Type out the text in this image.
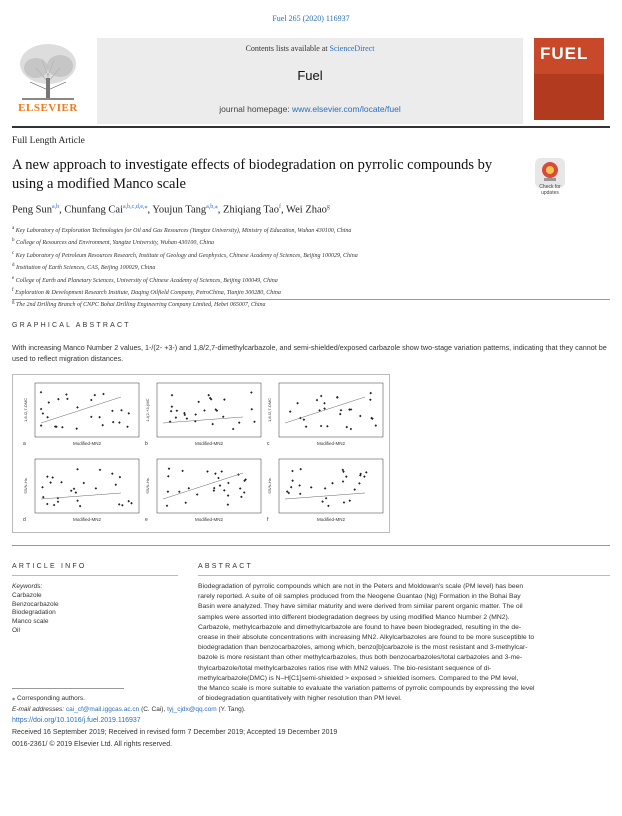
Fuel 265 (2020) 116937
ELSEVIER
Contents lists available at ScienceDirect
Fuel
journal homepage: www.elsevier.com/locate/fuel
FUEL
Full Length Article
A new approach to investigate effects of biodegradation on pyrrolic compounds by using a modified Manco scale	Check for updates
Peng Sun$^{a,b}$, Chunfang Cai$^{a,b,c,d,e,⁎}$, Youjun Tang$^{a,b,⁎}$, Zhiqiang Tao$^f$, Wei Zhao$^g$
$^a$ Key Laboratory of Exploration Technologies for Oil and Gas Resources (Yangtze University), Ministry of Education, Wuhan 430100, China
$^b$ College of Resources and Environment, Yangtze University, Wuhan 430100, China
$^c$ Key Laboratory of Petroleum Resources Research, Institute of Geology and Geophysics, Chinese Academy of Sciences, Beijing 100029, China
$^d$ Institution of Earth Sciences, CAS, Beijing 100029, China
$^e$ College of Earth and Planetary Sciences, University of Chinese Academy of Sciences, Beijing 100049, China
$^f$ Exploration & Development Research Institute, Daqing Oilfield Company, PetroChina, Tianjin 300280, China
$^g$ The 2nd Drilling Branch of CNPC Bohai Drilling Engineering Company Limited, Hebei 065007, China
GRAPHICAL ABSTRACT
With increasing Manco Number 2 values, 1-/(2- +3-) and 1,8/2,7-dimethylcarbazole, and semi-shielded/exposed carbazole show two-stage variation patterns, indicating that they cannot be used to reflect migration distances.
Modified-MN2
1,8-/2,7-DMC
a	Modified-MN2
1-/(2-+3-)MC
b	Modified-MN2
1,8-/2,7-DMC
c
Modified-MN2
SS/N-Hs
d	Modified-MN2
SS/N-Hs
e	Modified-MN2
SS/N-Hs
f
ARTICLE INFO
Keywords:
Carbazole
Benzocarbazole
Biodegradation
Manco scale
Oil
ABSTRACT
Biodegradation of pyrrolic compounds which are not in the Peters and Moldowan's scale (PM level) has been
rarely reported. A suite of oil samples produced from the Neogene Guantao (Ng) Formation in the Bohai Bay
Basin were analyzed. They have similar maturity and were derived from similar parent organic matter. The oil
samples were assorted into different biodegradation degrees by using modified Manco Number 2 (MN2).
Carbazole, methylcarbazole and dimethylcarbazole are found to have been biodegraded, resulting in the de-
crease in their absolute concentrations with increasing MN2. Alkylcarbazoles are found to be more susceptible to
biodegradation than benzocarbazoles, among which, benzo[b]carbazole is the most resistant and 3-methylcar-
bazole is more resistant than other methylcarbazoles, thus both benzocarbazoles/total carbazoles and 3-me-
thylcarbazole/total methylcarbazoles ratios rise with MN2 values. The bio-resistant sequence of di-
methylcarbazole(DMC) is N–H[C1]semi-shielded > exposed > shielded isomers. Compared to the PM level,
the Manco scale is more suitable to evaluate the variation patterns of pyrrolic compounds by expressing the level
of biodegradation quantitatively with higher resolution than PM level.
⁎ Corresponding authors.
E-mail addresses: cai_cf@mail.iggcas.ac.cn (C. Cai), tyj_cjdx@qq.com (Y. Tang).
https://doi.org/10.1016/j.fuel.2019.116937
Received 16 September 2019; Received in revised form 7 December 2019; Accepted 19 December 2019
0016-2361/ © 2019 Elsevier Ltd. All rights reserved.
